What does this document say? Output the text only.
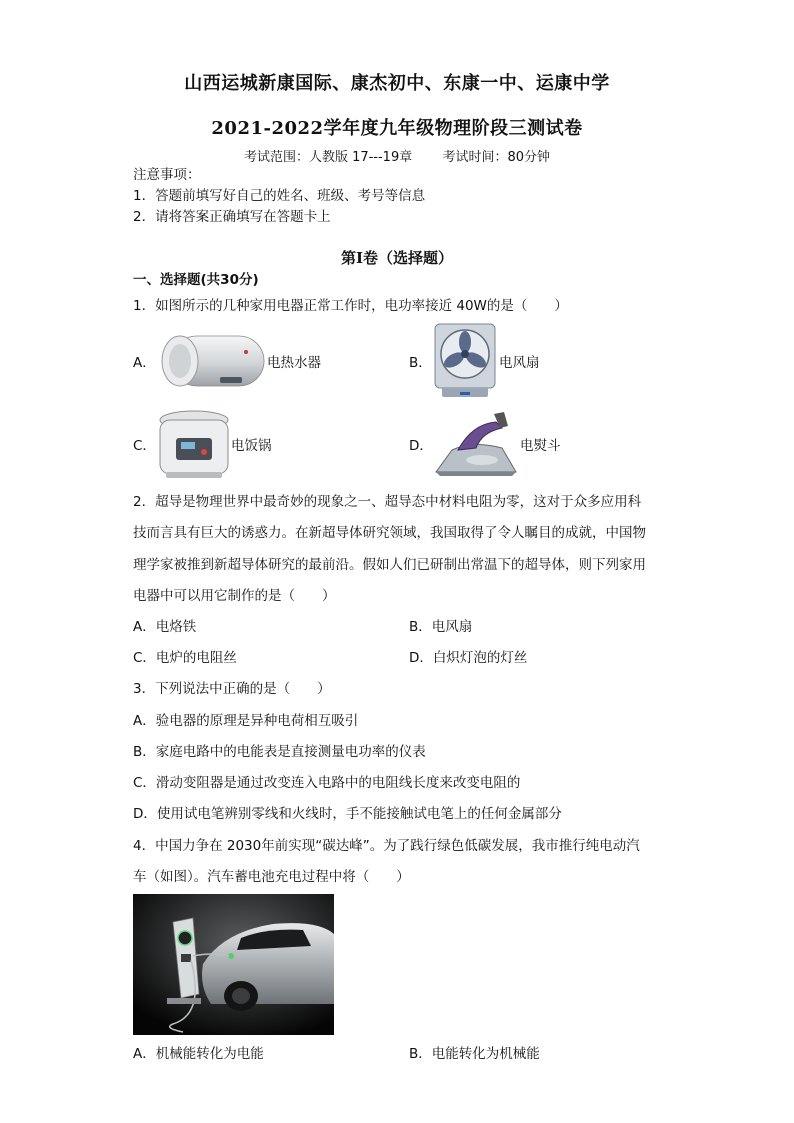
山西运城新康国际、康杰初中、东康一中、运康中学
2021-2022学年度九年级物理阶段三测试卷
考试范围：人教版 17---19章 考试时间：80分钟
注意事项：
1．答题前填写好自己的姓名、班级、考号等信息
2．请将答案正确填写在答题卡上
第I卷（选择题）
一、选择题(共30分)
1．如图所示的几种家用电器正常工作时，电功率接近 40W的是（　　）
A．	电热水器	B．	电风扇
C．	电饭锅	D．	电熨斗
2．超导是物理世界中最奇妙的现象之一、超导态中材料电阻为零，这对于众多应用科
技而言具有巨大的诱惑力。在新超导体研究领域，我国取得了令人瞩目的成就，中国物
理学家被推到新超导体研究的最前沿。假如人们已研制出常温下的超导体，则下列家用
电器中可以用它制作的是（　　）
A．电烙铁	B．电风扇
C．电炉的电阻丝	D．白炽灯泡的灯丝
3．下列说法中正确的是（　　）
A．验电器的原理是异种电荷相互吸引
B．家庭电路中的电能表是直接测量电功率的仪表
C．滑动变阻器是通过改变连入电路中的电阻线长度来改变电阻的
D．使用试电笔辨别零线和火线时，手不能接触试电笔上的任何金属部分
4．中国力争在 2030年前实现“碳达峰”。为了践行绿色低碳发展，我市推行纯电动汽
车（如图）。汽车蓄电池充电过程中将（　　）
A．机械能转化为电能	B．电能转化为机械能
